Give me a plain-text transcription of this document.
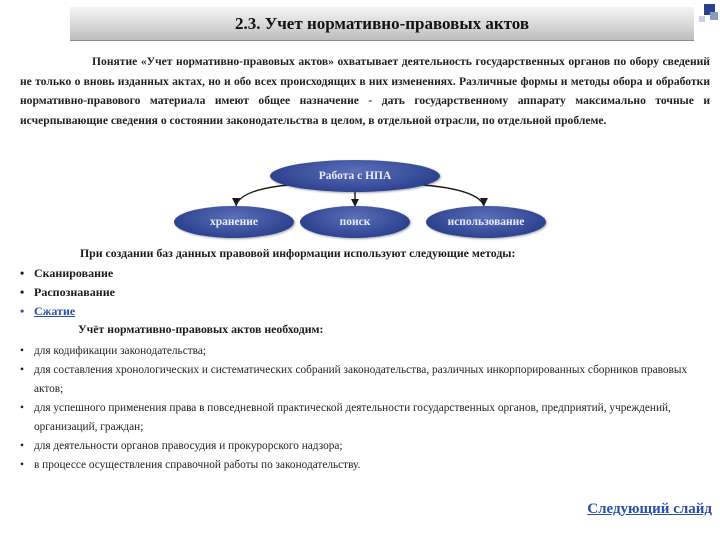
2.3. Учет нормативно-правовых актов
Понятие «Учет нормативно-правовых актов» охватывает деятельность государственных органов по обору сведений не только о вновь изданных актах, но и обо всех происходящих в них изменениях. Различные формы и методы обора и обработки нормативно-правового материала имеют общее назначение - дать государственному аппарату максимально точные и исчерпывающие сведения о состоянии законодательства в целом, в отдельной отрасли, по отдельной проблеме.
Работа с НПА
хранение	поиск	использование
При создании баз данных правовой информации используют следующие методы:
• Сканирование
• Распознавание
• Сжатие
Учёт нормативно-правовых актов необходим:
• для кодификации законодательства;
• для составления хронологических и систематических собраний законодательства, различных инкорпорированных сборников правовых актов;
• для успешного применения права в повседневной практической деятельности государственных органов, предприятий, учреждений, организаций, граждан;
• для деятельности органов правосудия и прокурорского надзора;
• в процессе осуществления справочной работы по законодательству.
Следующий слайд
